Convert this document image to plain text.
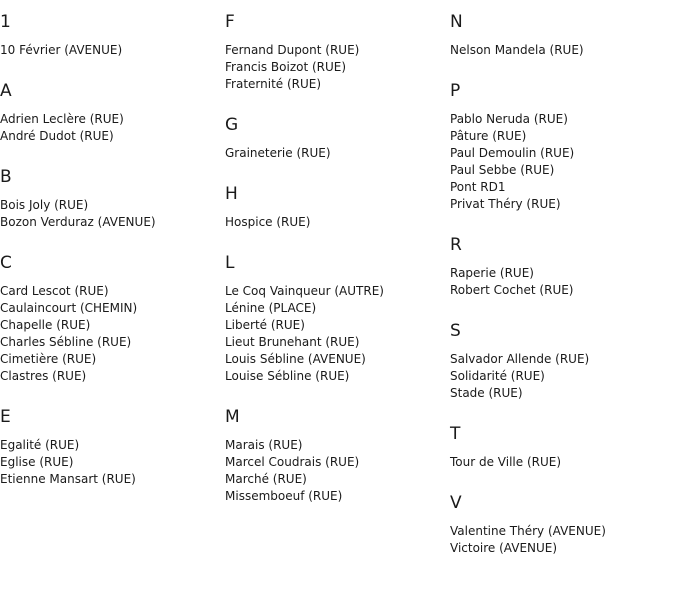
1
10 Février (AVENUE)
A
Adrien Leclère (RUE)
André Dudot (RUE)
B
Bois Joly (RUE)
Bozon Verduraz (AVENUE)
C
Card Lescot (RUE)
Caulaincourt (CHEMIN)
Chapelle (RUE)
Charles Sébline (RUE)
Cimetière (RUE)
Clastres (RUE)
E
Egalité (RUE)
Eglise (RUE)
Etienne Mansart (RUE)
F
Fernand Dupont (RUE)
Francis Boizot (RUE)
Fraternité (RUE)
G
Graineterie (RUE)
H
Hospice (RUE)
L
Le Coq Vainqueur (AUTRE)
Lénine (PLACE)
Liberté (RUE)
Lieut Brunehant (RUE)
Louis Sébline (AVENUE)
Louise Sébline (RUE)
M
Marais (RUE)
Marcel Coudrais (RUE)
Marché (RUE)
Missemboeuf (RUE)
N
Nelson Mandela (RUE)
P
Pablo Neruda (RUE)
Pâture (RUE)
Paul Demoulin (RUE)
Paul Sebbe (RUE)
Pont RD1
Privat Théry (RUE)
R
Raperie (RUE)
Robert Cochet (RUE)
S
Salvador Allende (RUE)
Solidarité (RUE)
Stade (RUE)
T
Tour de Ville (RUE)
V
Valentine Théry (AVENUE)
Victoire (AVENUE)
